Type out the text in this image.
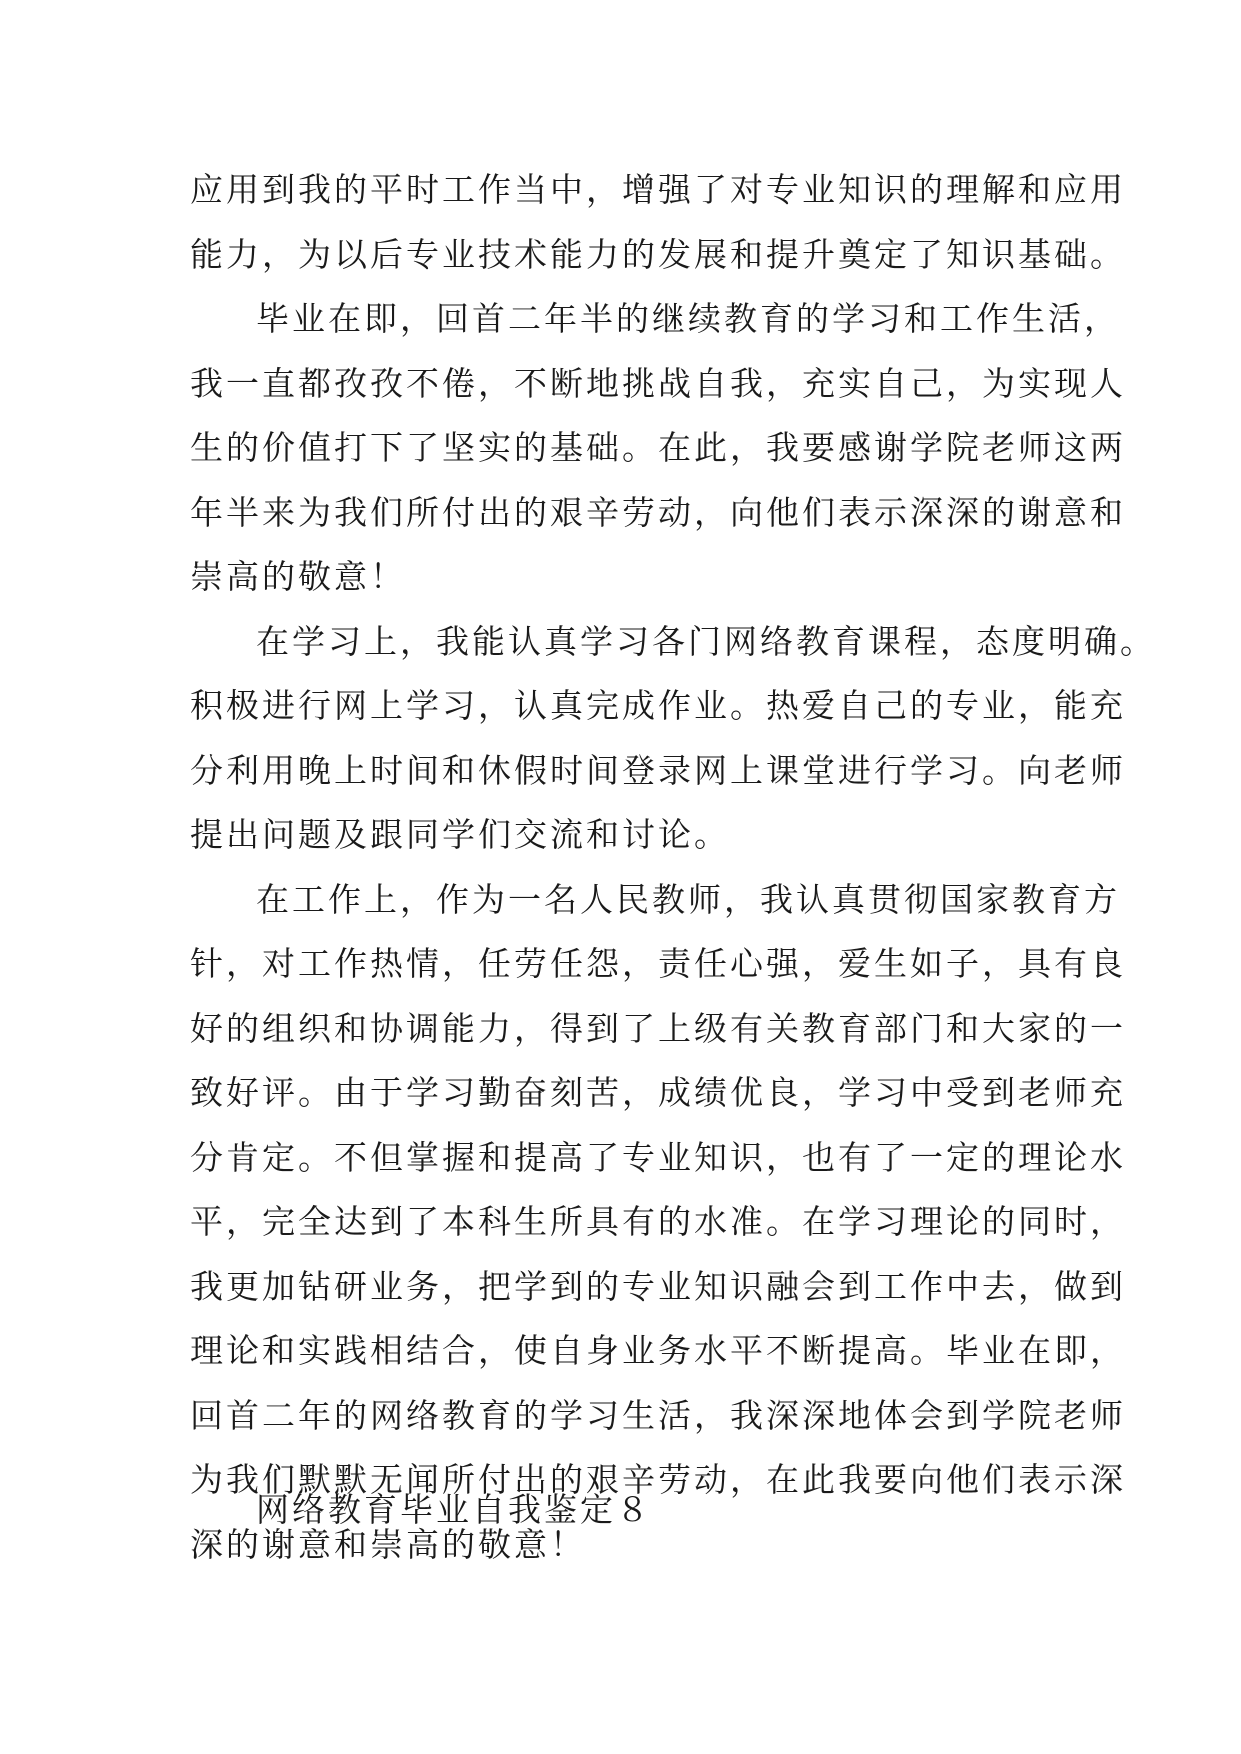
应用到我的平时工作当中，增强了对专业知识的理解和应用
能力，为以后专业技术能力的发展和提升奠定了知识基础。
毕业在即，回首二年半的继续教育的学习和工作生活，
我一直都孜孜不倦，不断地挑战自我，充实自己，为实现人
生的价值打下了坚实的基础。在此，我要感谢学院老师这两
年半来为我们所付出的艰辛劳动，向他们表示深深的谢意和
崇高的敬意！
在学习上，我能认真学习各门网络教育课程，态度明确。
积极进行网上学习，认真完成作业。热爱自己的专业，能充
分利用晚上时间和休假时间登录网上课堂进行学习。向老师
提出问题及跟同学们交流和讨论。
在工作上，作为一名人民教师，我认真贯彻国家教育方
针，对工作热情，任劳任怨，责任心强，爱生如子，具有良
好的组织和协调能力，得到了上级有关教育部门和大家的一
致好评。由于学习勤奋刻苦，成绩优良，学习中受到老师充
分肯定。不但掌握和提高了专业知识，也有了一定的理论水
平，完全达到了本科生所具有的水准。在学习理论的同时，
我更加钻研业务，把学到的专业知识融会到工作中去，做到
理论和实践相结合，使自身业务水平不断提高。毕业在即，
回首二年的网络教育的学习生活，我深深地体会到学院老师
为我们默默无闻所付出的艰辛劳动，在此我要向他们表示深
深的谢意和崇高的敬意！
网络教育毕业自我鉴定８
